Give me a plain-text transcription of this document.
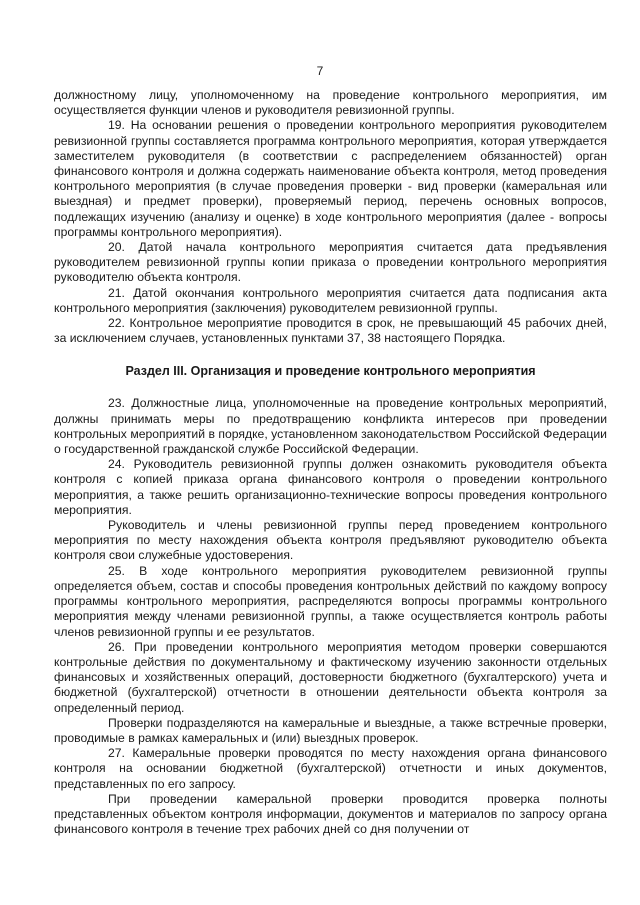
7

должностному лицу, уполномоченному на проведение контрольного мероприятия, им осуществляется функции членов и руководителя ревизионной группы.

19. На основании решения о проведении контрольного мероприятия руководителем ревизионной группы составляется программа контрольного мероприятия, которая утверждается заместителем руководителя (в соответствии с распределением обязанностей) орган финансового контроля и должна содержать наименование объекта контроля, метод проведения контрольного мероприятия (в случае проведения проверки - вид проверки (камеральная или выездная) и предмет проверки), проверяемый период, перечень основных вопросов, подлежащих изучению (анализу и оценке) в ходе контрольного мероприятия (далее - вопросы программы контрольного мероприятия).

20. Датой начала контрольного мероприятия считается дата предъявления руководителем ревизионной группы копии приказа о проведении контрольного мероприятия руководителю объекта контроля.

21. Датой окончания контрольного мероприятия считается дата подписания акта контрольного мероприятия (заключения) руководителем ревизионной группы.

22. Контрольное мероприятие проводится в срок, не превышающий 45 рабочих дней, за исключением случаев, установленных пунктами 37, 38 настоящего Порядка.

Раздел III. Организация и проведение контрольного мероприятия

23. Должностные лица, уполномоченные на проведение контрольных мероприятий, должны принимать меры по предотвращению конфликта интересов при проведении контрольных мероприятий в порядке, установленном законодательством Российской Федерации о государственной гражданской службе Российской Федерации.

24. Руководитель ревизионной группы должен ознакомить руководителя объекта контроля с копией приказа органа финансового контроля о проведении контрольного мероприятия, а также решить организационно-технические вопросы проведения контрольного мероприятия.

Руководитель и члены ревизионной группы перед проведением контрольного мероприятия по месту нахождения объекта контроля предъявляют руководителю объекта контроля свои служебные удостоверения.

25. В ходе контрольного мероприятия руководителем ревизионной группы определяется объем, состав и способы проведения контрольных действий по каждому вопросу программы контрольного мероприятия, распределяются вопросы программы контрольного мероприятия между членами ревизионной группы, а также осуществляется контроль работы членов ревизионной группы и ее результатов.

26. При проведении контрольного мероприятия методом проверки совершаются контрольные действия по документальному и фактическому изучению законности отдельных финансовых и хозяйственных операций, достоверности бюджетного (бухгалтерского) учета и бюджетной (бухгалтерской) отчетности в отношении деятельности объекта контроля за определенный период.

Проверки подразделяются на камеральные и выездные, а также встречные проверки, проводимые в рамках камеральных и (или) выездных проверок.

27. Камеральные проверки проводятся по месту нахождения органа финансового контроля на основании бюджетной (бухгалтерской) отчетности и иных документов, представленных по его запросу.

При проведении камеральной проверки проводится проверка полноты представленных объектом контроля информации, документов и материалов по запросу органа финансового контроля в течение трех рабочих дней со дня получении от
